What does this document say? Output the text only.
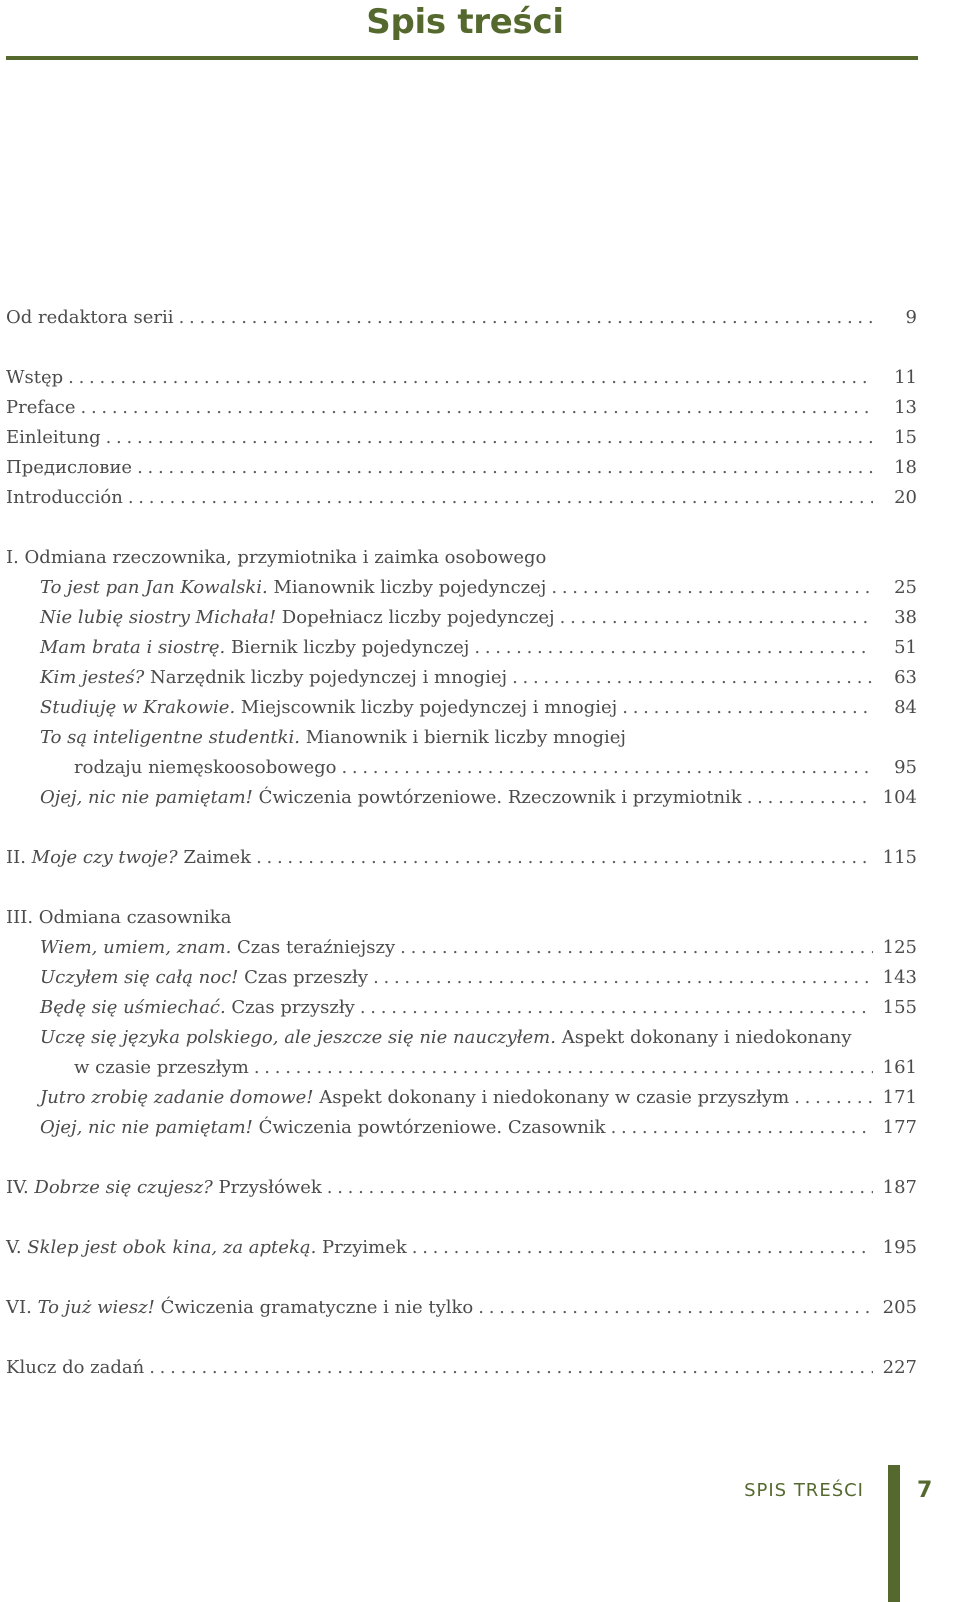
Spis treści
Od redaktora serii . . .	9
Wstęp . . .	11
Preface . . .	13
Einleitung . . .	15
Предисловие . . .	18
Introducción . . .	20
I. Odmiana rzeczownika, przymiotnika i zaimka osobowego
To jest pan Jan Kowalski. Mianownik liczby pojedynczej . . .	25
Nie lubię siostry Michała! Dopełniacz liczby pojedynczej . . .	38
Mam brata i siostrę. Biernik liczby pojedynczej . . .	51
Kim jesteś? Narzędnik liczby pojedynczej i mnogiej . . .	63
Studiuję w Krakowie. Miejscownik liczby pojedynczej i mnogiej . . .	84
To są inteligentne studentki. Mianownik i biernik liczby mnogiej
rodzaju niemęskoosobowego . . .	95
Ojej, nic nie pamiętam! Ćwiczenia powtórzeniowe. Rzeczownik i przymiotnik . . .	104
II. Moje czy twoje? Zaimek . . .	115
III. Odmiana czasownika
Wiem, umiem, znam. Czas teraźniejszy . . .	125
Uczyłem się całą noc! Czas przeszły . . .	143
Będę się uśmiechać. Czas przyszły . . .	155
Uczę się języka polskiego, ale jeszcze się nie nauczyłem. Aspekt dokonany i niedokonany
w czasie przeszłym . . .	161
Jutro zrobię zadanie domowe! Aspekt dokonany i niedokonany w czasie przyszłym . . .	171
Ojej, nic nie pamiętam! Ćwiczenia powtórzeniowe. Czasownik . . .	177
IV. Dobrze się czujesz? Przysłówek . . .	187
V. Sklep jest obok kina, za apteką. Przyimek . . .	195
VI. To już wiesz! Ćwiczenia gramatyczne i nie tylko . . .	205
Klucz do zadań . . .	227
SPIS TREŚCI 7
